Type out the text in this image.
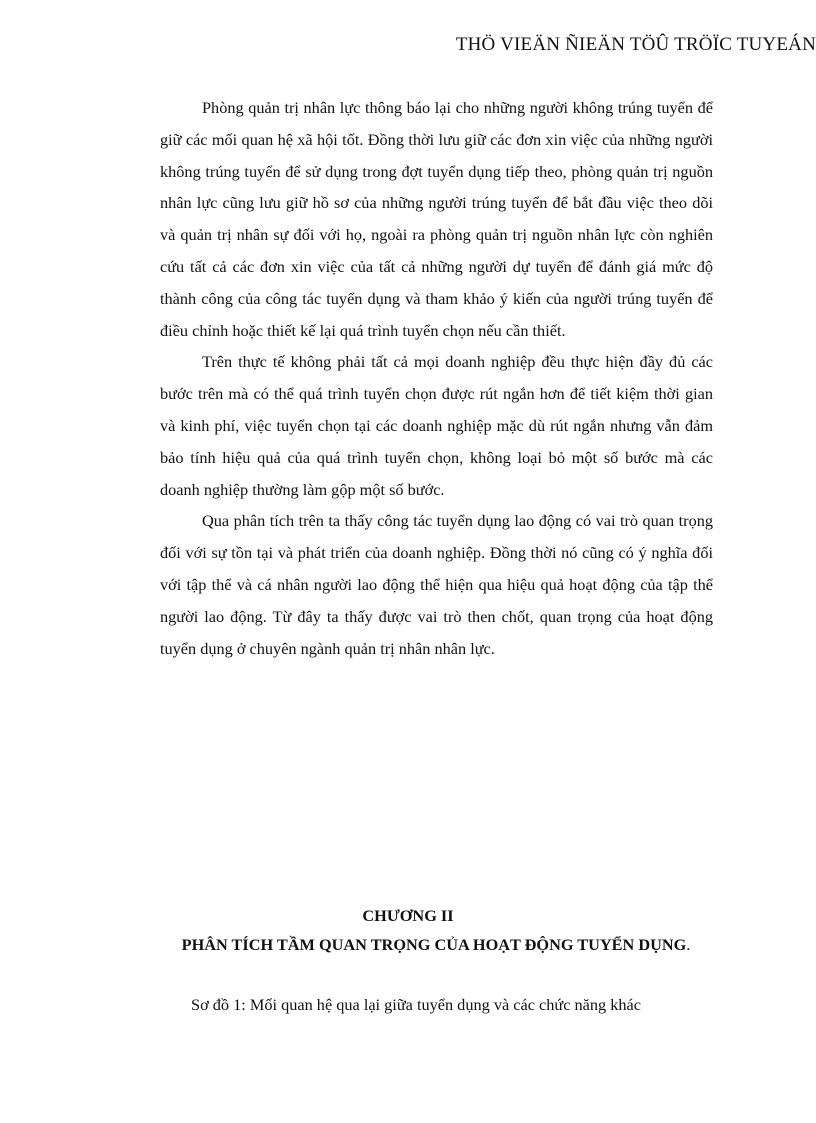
THÖ VIEÄN ÑIEÄN TÖÛ TRÖÏC TUYEÁN

Phòng quản trị nhân lực thông báo lại cho những người không trúng tuyển để giữ các mối quan hệ xã hội tốt. Đồng thời lưu giữ các đơn xin việc của những người không trúng tuyển để sử dụng trong đợt tuyển dụng tiếp theo, phòng quản trị nguồn nhân lực cũng lưu giữ hồ sơ của những người trúng tuyển để bắt đầu việc theo dõi và quản trị nhân sự đối với họ, ngoài ra phòng quản trị nguồn nhân lực còn nghiên cứu tất cả các đơn xin việc của tất cả những người dự tuyển để đánh giá mức độ thành công của công tác tuyển dụng và tham khảo ý kiến của người trúng tuyển để điều chỉnh hoặc thiết kế lại quá trình tuyển chọn nếu cần thiết.

Trên thực tế không phải tất cả mọi doanh nghiệp đều thực hiện đầy đủ các bước trên mà có thể quá trình tuyển chọn được rút ngắn hơn để tiết kiệm thời gian và kinh phí, việc tuyển chọn tại các doanh nghiệp mặc dù rút ngắn nhưng vẫn đảm bảo tính hiệu quả của quá trình tuyển chọn, không loại bỏ một số bước mà các doanh nghiệp thường làm gộp một số bước.

Qua phân tích trên ta thấy công tác tuyển dụng lao động có vai trò quan trọng đối với sự tồn tại và phát triển của doanh nghiệp. Đồng thời nó cũng có ý nghĩa đối với tập thể và cá nhân người lao động thể hiện qua hiệu quả hoạt động của tập thể người lao động. Từ đây ta thấy được vai trò then chốt, quan trọng của hoạt động tuyển dụng ở chuyên ngành quản trị nhân nhân lực.

CHƯƠNG II
PHÂN TÍCH TẦM QUAN TRỌNG CỦA HOẠT ĐỘNG TUYỂN DỤNG.
Sơ đồ 1: Mối quan hệ qua lại giữa tuyển dụng và các chức năng khác
